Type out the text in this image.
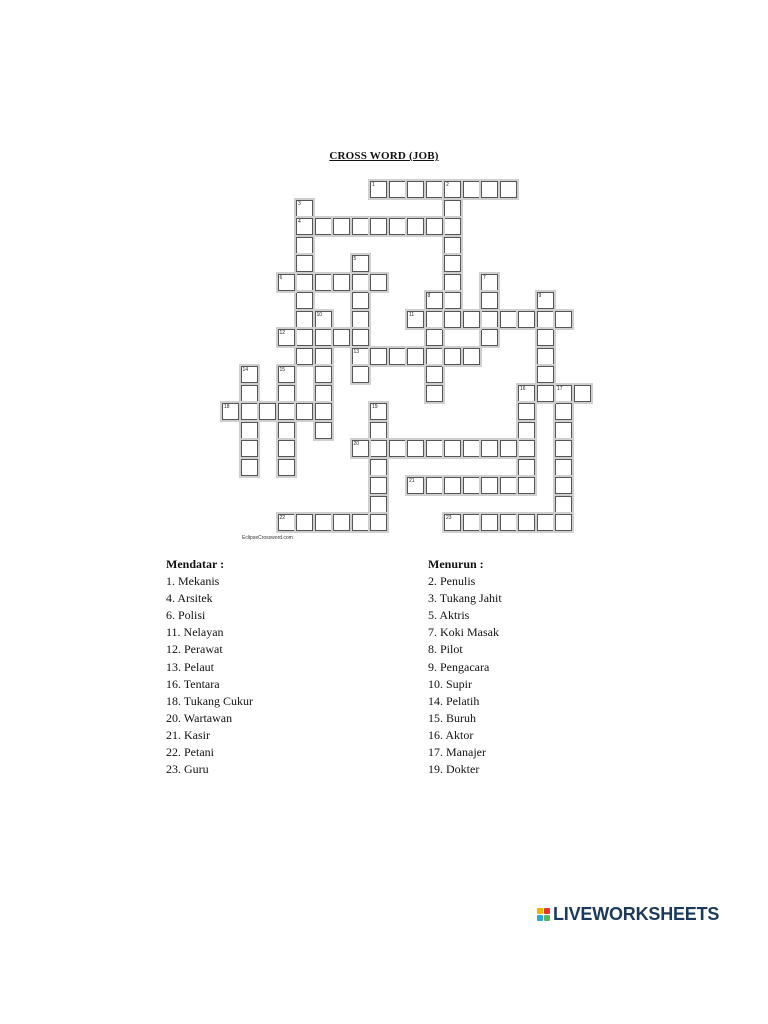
CROSS WORD (JOB)
1	2
3
4
5
13
6	7
8	9
10	11
12
14	15
16	17
18	19
20
21
22	23
EclipseCrossword.com
Mendatar :
1. Mekanis
4. Arsitek
6. Polisi
11. Nelayan
12. Perawat
13. Pelaut
16. Tentara
18. Tukang Cukur
20. Wartawan
21. Kasir
22. Petani
23. Guru
Menurun :
2. Penulis
3. Tukang Jahit
5. Aktris
7. Koki Masak
8. Pilot
9. Pengacara
10. Supir
14. Pelatih
15. Buruh
16. Aktor
17. Manajer
19. Dokter
LIVEWORKSHEETS
